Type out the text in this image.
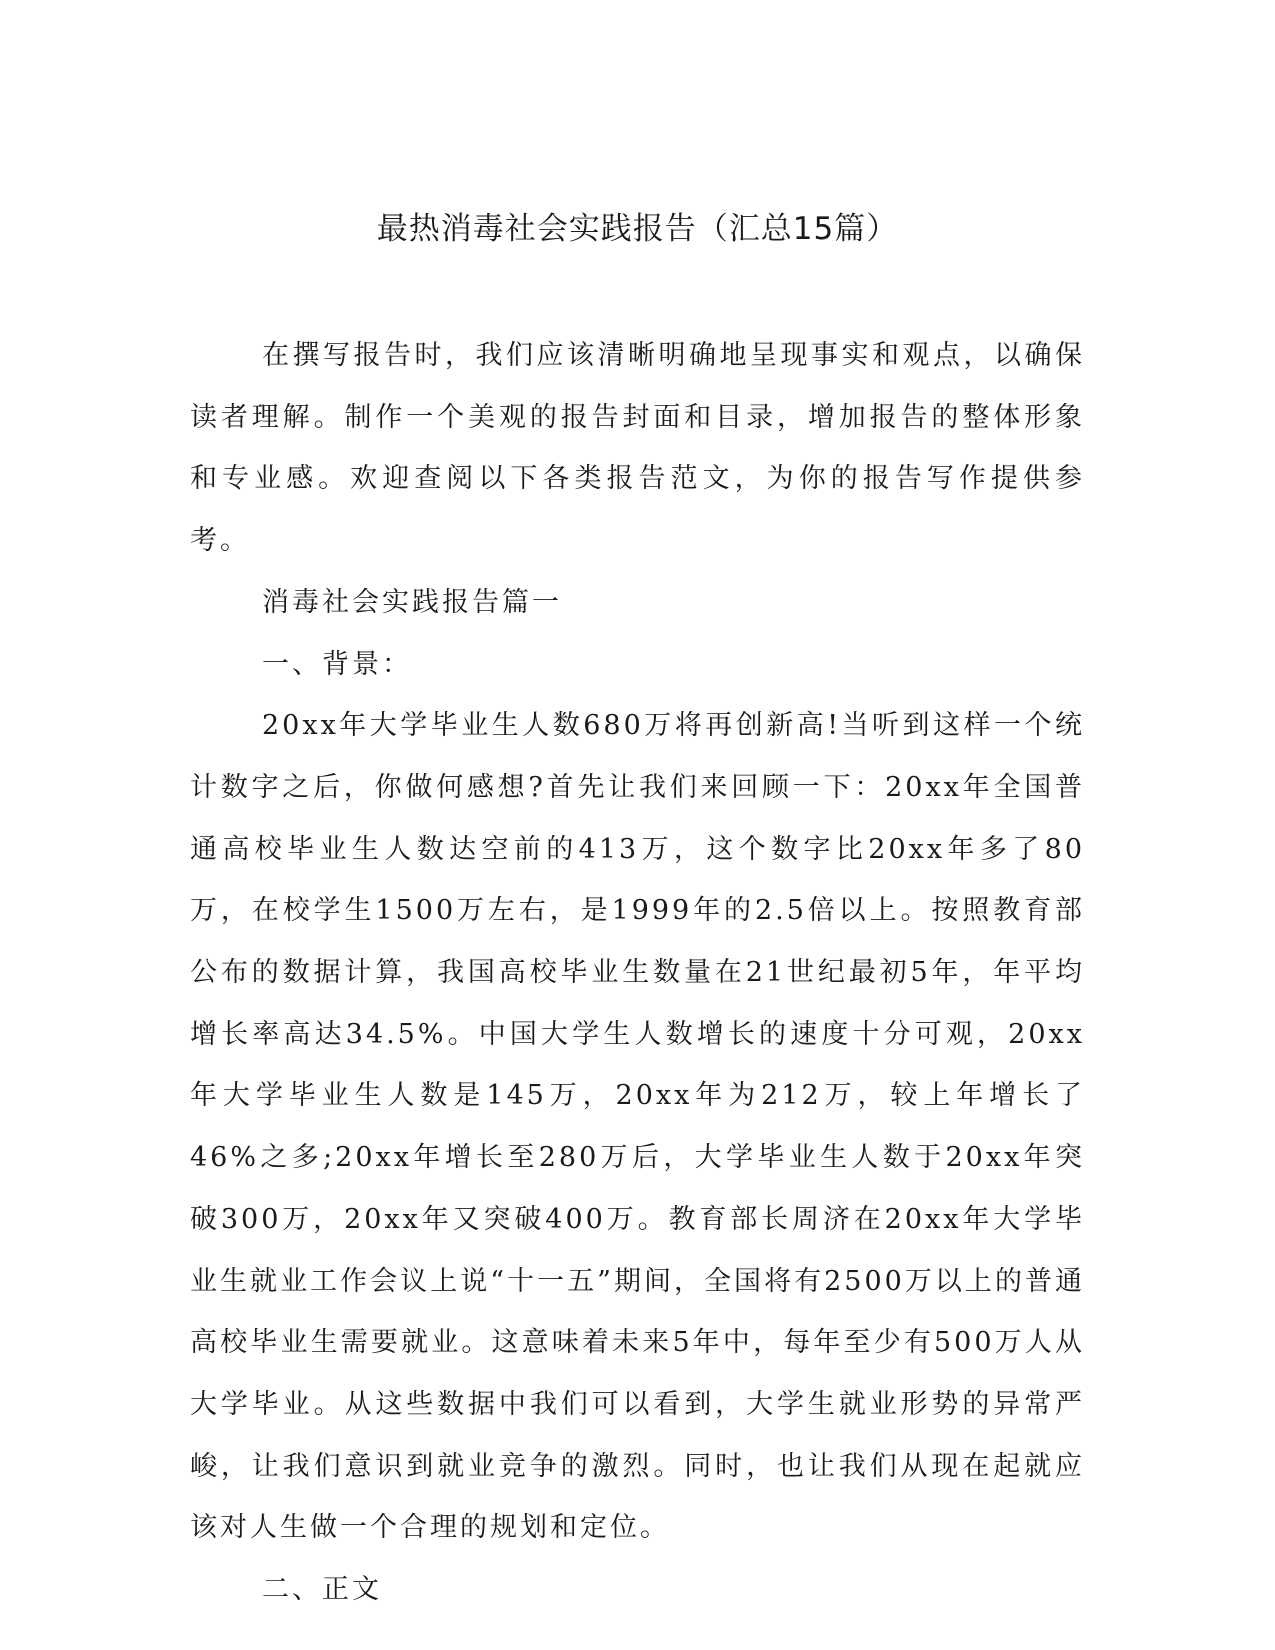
最热消毒社会实践报告（汇总15篇）

在撰写报告时，我们应该清晰明确地呈现事实和观点，以确保读者理解。制作一个美观的报告封面和目录，增加报告的整体形象和专业感。欢迎查阅以下各类报告范文，为你的报告写作提供参考。

消毒社会实践报告篇一

一、背景：

20xx年大学毕业生人数680万将再创新高!当听到这样一个统计数字之后，你做何感想?首先让我们来回顾一下：20xx年全国普通高校毕业生人数达空前的413万，这个数字比20xx年多了80万，在校学生1500万左右，是1999年的2.5倍以上。按照教育部公布的数据计算，我国高校毕业生数量在21世纪最初5年，年平均增长率高达34.5%。中国大学生人数增长的速度十分可观，20xx年大学毕业生人数是145万，20xx年为212万，较上年增长了46%之多;20xx年增长至280万后，大学毕业生人数于20xx年突破300万，20xx年又突破400万。教育部长周济在20xx年大学毕业生就业工作会议上说“十一五”期间，全国将有2500万以上的普通高校毕业生需要就业。这意味着未来5年中，每年至少有500万人从大学毕业。从这些数据中我们可以看到，大学生就业形势的异常严峻，让我们意识到就业竞争的激烈。同时，也让我们从现在起就应该对人生做一个合理的规划和定位。

二、正文
